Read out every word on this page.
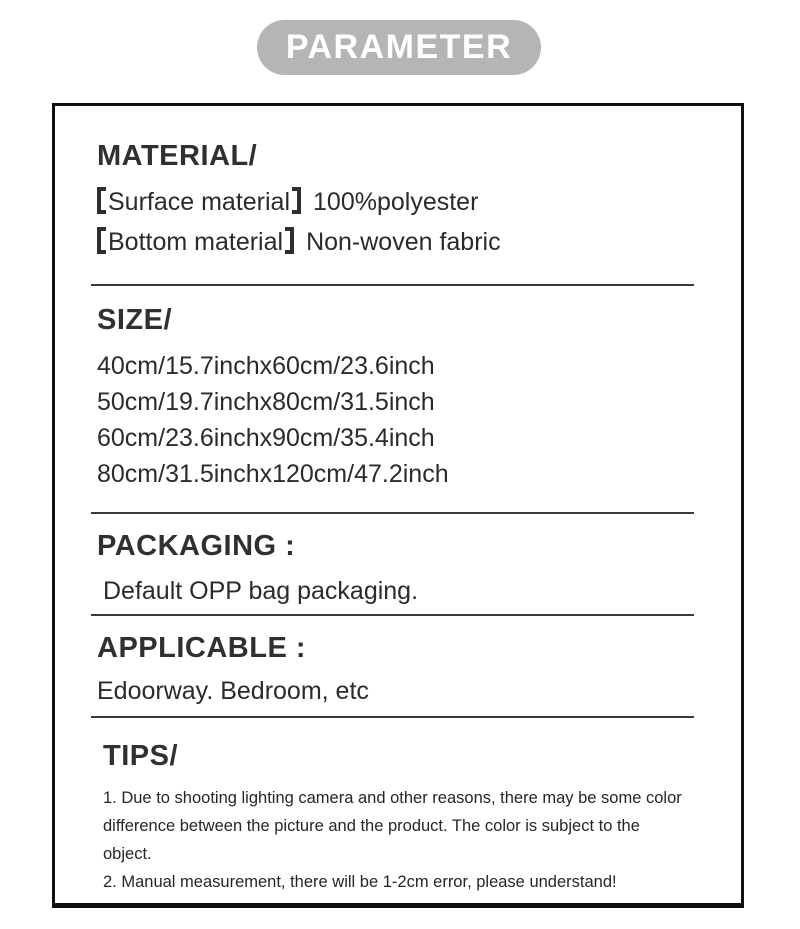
PARAMETER
MATERIAL/
Surface material 100%polyester
Bottom material Non-woven fabric
SIZE/
40cm/15.7inchx60cm/23.6inch
50cm/19.7inchx80cm/31.5inch
60cm/23.6inchx90cm/35.4inch
80cm/31.5inchx120cm/47.2inch
PACKAGING :
Default OPP bag packaging.
APPLICABLE :
Edoorway. Bedroom, etc
TIPS/
1. Due to shooting lighting camera and other reasons, there may be some color difference between the picture and the product. The color is subject to the object.
2. Manual measurement, there will be 1-2cm error, please understand!
